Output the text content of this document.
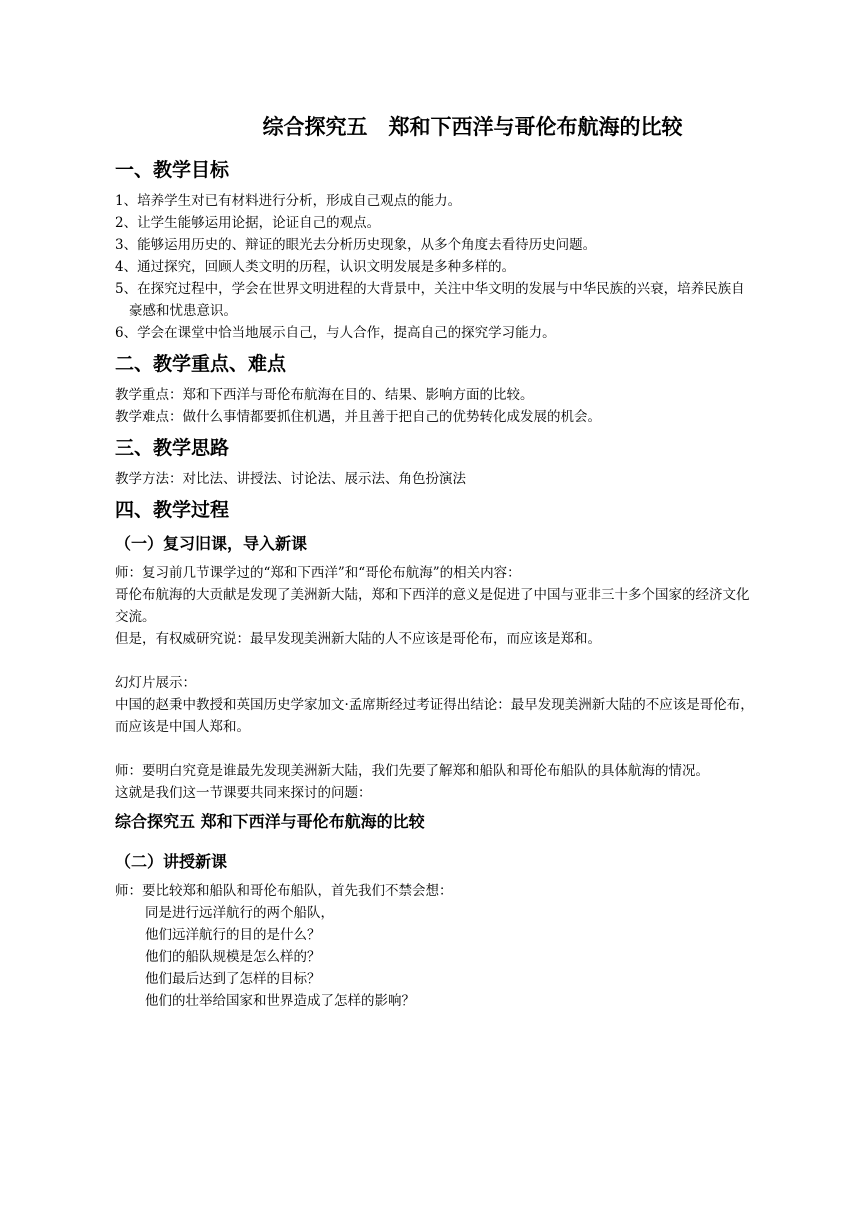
综合探究五　郑和下西洋与哥伦布航海的比较
一、教学目标

1、培养学生对已有材料进行分析，形成自己观点的能力。

2、让学生能够运用论据，论证自己的观点。

3、能够运用历史的、辩证的眼光去分析历史现象，从多个角度去看待历史问题。

4、通过探究，回顾人类文明的历程，认识文明发展是多种多样的。

5、在探究过程中，学会在世界文明进程的大背景中，关注中华文明的发展与中华民族的兴衰，培养民族自豪感和忧患意识。

6、学会在课堂中恰当地展示自己，与人合作，提高自己的探究学习能力。

二、教学重点、难点

教学重点：郑和下西洋与哥伦布航海在目的、结果、影响方面的比较。

教学难点：做什么事情都要抓住机遇，并且善于把自己的优势转化成发展的机会。

三、教学思路

教学方法：对比法、讲授法、讨论法、展示法、角色扮演法

四、教学过程
（一）复习旧课，导入新课

师：复习前几节课学过的“郑和下西洋”和“哥伦布航海”的相关内容：

哥伦布航海的大贡献是发现了美洲新大陆，郑和下西洋的意义是促进了中国与亚非三十多个国家的经济文化交流。

但是，有权威研究说：最早发现美洲新大陆的人不应该是哥伦布，而应该是郑和。

幻灯片展示：

中国的赵秉中教授和英国历史学家加文·孟席斯经过考证得出结论：最早发现美洲新大陆的不应该是哥伦布，而应该是中国人郑和。

师：要明白究竟是谁最先发现美洲新大陆，我们先要了解郑和船队和哥伦布船队的具体航海的情况。

这就是我们这一节课要共同来探讨的问题：

综合探究五 郑和下西洋与哥伦布航海的比较
（二）讲授新课

师：要比较郑和船队和哥伦布船队，首先我们不禁会想：

同是进行远洋航行的两个船队，

他们远洋航行的目的是什么？

他们的船队规模是怎么样的？

他们最后达到了怎样的目标？

他们的壮举给国家和世界造成了怎样的影响？
